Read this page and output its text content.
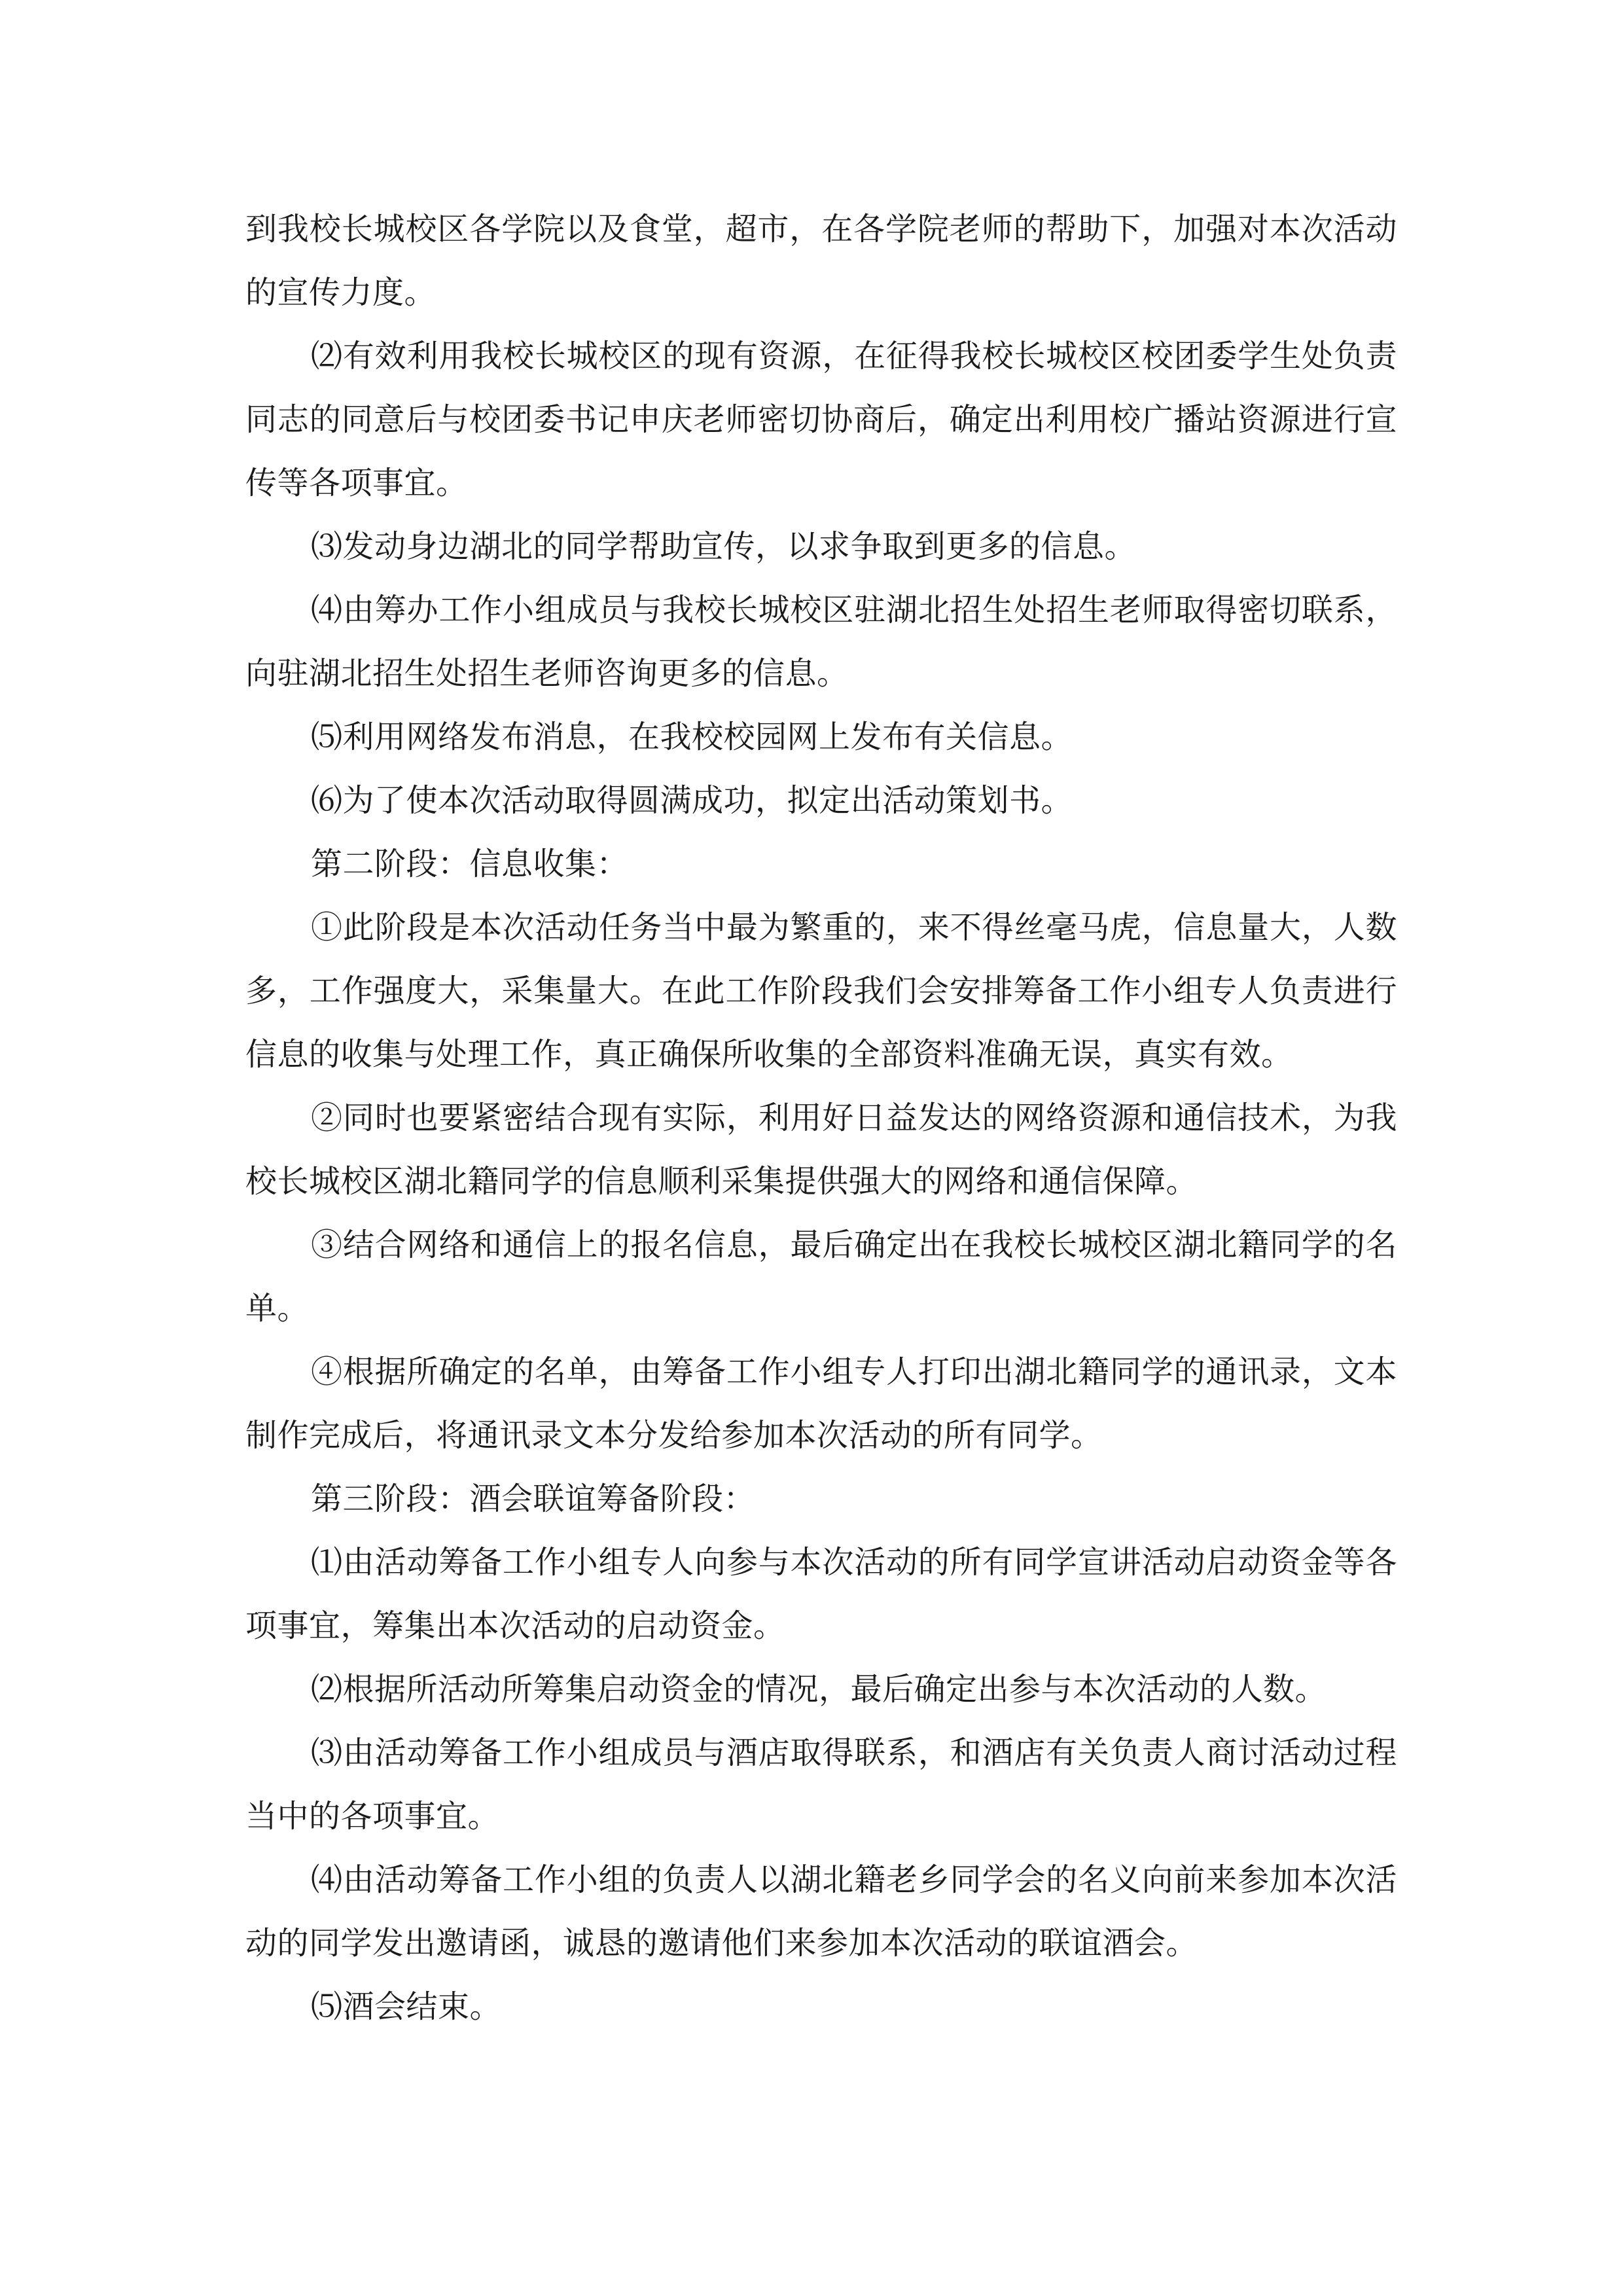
到我校长城校区各学院以及食堂，超市，在各学院老师的帮助下，加强对本次活动的宣传力度。

⑵有效利用我校长城校区的现有资源，在征得我校长城校区校团委学生处负责同志的同意后与校团委书记申庆老师密切协商后，确定出利用校广播站资源进行宣传等各项事宜。

⑶发动身边湖北的同学帮助宣传，以求争取到更多的信息。

⑷由筹办工作小组成员与我校长城校区驻湖北招生处招生老师取得密切联系，向驻湖北招生处招生老师咨询更多的信息。

⑸利用网络发布消息，在我校校园网上发布有关信息。

⑹为了使本次活动取得圆满成功，拟定出活动策划书。

第二阶段：信息收集：

①此阶段是本次活动任务当中最为繁重的，来不得丝毫马虎，信息量大，人数多，工作强度大，采集量大。在此工作阶段我们会安排筹备工作小组专人负责进行信息的收集与处理工作，真正确保所收集的全部资料准确无误，真实有效。

②同时也要紧密结合现有实际，利用好日益发达的网络资源和通信技术，为我校长城校区湖北籍同学的信息顺利采集提供强大的网络和通信保障。

③结合网络和通信上的报名信息，最后确定出在我校长城校区湖北籍同学的名单。

④根据所确定的名单，由筹备工作小组专人打印出湖北籍同学的通讯录，文本制作完成后，将通讯录文本分发给参加本次活动的所有同学。

第三阶段：酒会联谊筹备阶段：

⑴由活动筹备工作小组专人向参与本次活动的所有同学宣讲活动启动资金等各项事宜，筹集出本次活动的启动资金。

⑵根据所活动所筹集启动资金的情况，最后确定出参与本次活动的人数。

⑶由活动筹备工作小组成员与酒店取得联系，和酒店有关负责人商讨活动过程当中的各项事宜。

⑷由活动筹备工作小组的负责人以湖北籍老乡同学会的名义向前来参加本次活动的同学发出邀请函，诚恳的邀请他们来参加本次活动的联谊酒会。

⑸酒会结束。
